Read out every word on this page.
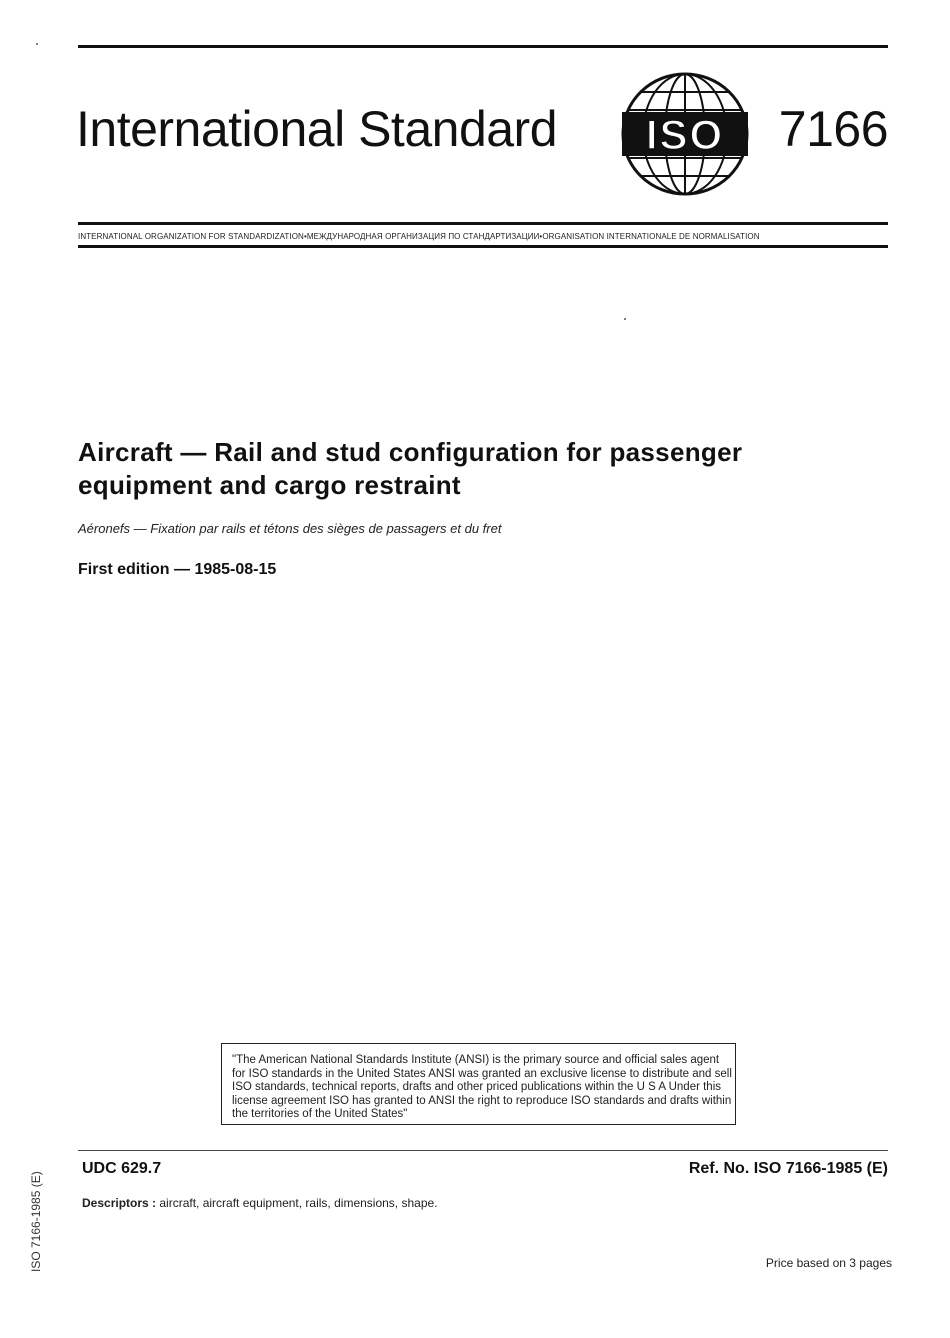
International Standard ISO 7166
INTERNATIONAL ORGANIZATION FOR STANDARDIZATION•МЕЖДУНАРОДНАЯ ОРГАНИЗАЦИЯ ПО СТАНДАРТИЗАЦИИ•ORGANISATION INTERNATIONALE DE NORMALISATION
Aircraft — Rail and stud configuration for passenger equipment and cargo restraint
Aéronefs — Fixation par rails et tétons des sièges de passagers et du fret
First edition — 1985-08-15

"The American National Standards Institute (ANSI) is the primary source and official sales agent for ISO standards in the United States ANSI was granted an exclusive license to distribute and sell ISO standards, technical reports, drafts and other priced publications within the U S A Under this license agreement ISO has granted to ANSI the right to reproduce ISO standards and drafts within the territories of the United States"

UDC 629.7	Ref. No. ISO 7166-1985 (E)
Descriptors : aircraft, aircraft equipment, rails, dimensions, shape.
ISO 7166-1985 (E)	Price based on 3 pages
